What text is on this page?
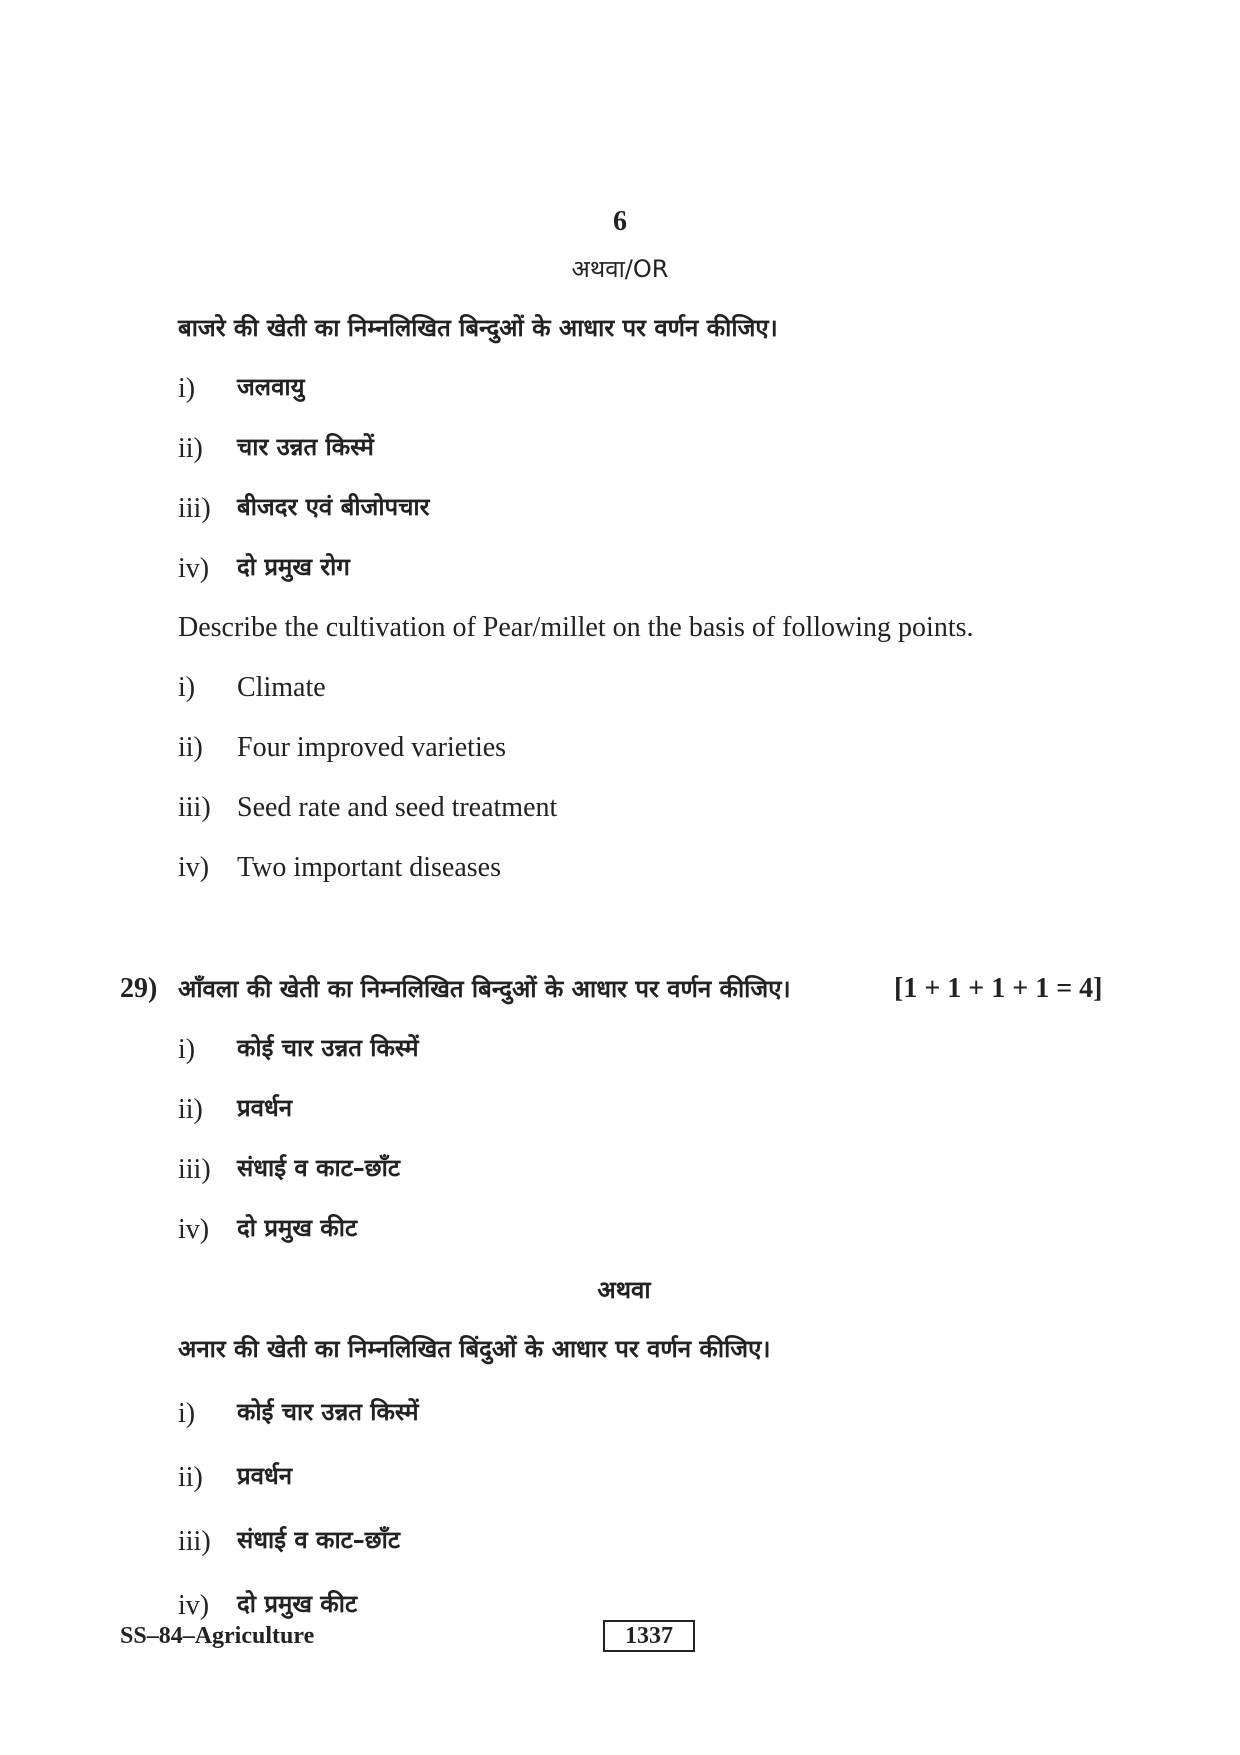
6
अथवा/OR
बाजरे की खेती का निम्नलिखित बिन्दुओं के आधार पर वर्णन कीजिए।
i) जलवायु
ii) चार उन्नत किस्में
iii) बीजदर एवं बीजोपचार
iv) दो प्रमुख रोग
Describe the cultivation of Pear/millet on the basis of following points.
i) Climate
ii) Four improved varieties
iii) Seed rate and seed treatment
iv) Two important diseases
29) आँवला की खेती का निम्नलिखित बिन्दुओं के आधार पर वर्णन कीजिए।	[1 + 1 + 1 + 1 = 4]
i) कोई चार उन्नत किस्में
ii) प्रवर्धन
iii) संधाई व काट–छाँट
iv) दो प्रमुख कीट
अथवा
अनार की खेती का निम्नलिखित बिंदुओं के आधार पर वर्णन कीजिए।
i) कोई चार उन्नत किस्में
ii) प्रवर्धन
iii) संधाई व काट–छाँट
iv) दो प्रमुख कीट
SS–84–Agriculture	1337
